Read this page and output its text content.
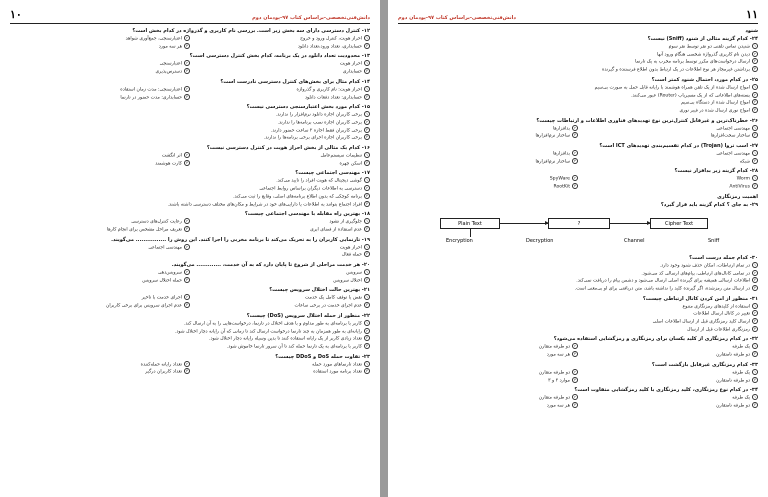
دانش‌فنی‌تخصصی-براساس کتاب ۹۷-پودمان دوم
۱۰
۱۲- کنترل دسترسی دارای سه بخش زیر است. بررسی نام کاربری و گذرواژه در کدام بخش است؟
۱احراز هویت، کنترل ورود و خروج
۲اعتبارسنجی، جمع‌آوری شواهد
۳حسابداری، تعداد ورود،تعداد دانلود
۴هر سه مورد
۱۳- محدودیت تعداد دانلود در یک برنامه، کدام بخش کنترل دسترسی است؟
۱احراز هویت
۲اعتبارسنجی
۳حسابداری
۴دسترس‌پذیری
۱۴- کدام مثال برای بخش‌های کنترل دسترسی نادرست است؟
۱احراز هویت: نام کاربری و گذرواژه
۲اعتبارسنجی: مدت زمان استفاده
۳حسابداری: تعداد دفعات دانلود
۴حسابداری: مدت حضور در تارنما
۱۵- کدام مورد بخش اعتبارسنجی دسترسی نیست؟
۱برخی کاربران اجازه دانلود نرم‌افزار را ندارند.
۲برخی کاربران اجازه نصب برنامه‌ها را ندارند.
۳برخی کاربران فقط اجازه ۲ ساعت حضور دارند.
۴برخی کاربران اجازه اجرای برخی برنامه‌ها را ندارند.
۱۶- کدام یک مثالی از بخش احراز هویت در کنترل دسترسی نیست؟
۱تنظیمات سیستم‌عامل
۲اثر انگشت
۳اسکن چهره
۴کارت هوشمند
۱۷- مهندسی اجتماعی چیست؟
۱گوشی دیجیتال که هویت افراد را تایید می‌کند.
۲دسترسی به اطلاعات دیگران براساس روابط اجتماعی
۳برنامه کوچکی که بدون اطلاع برنامه‌های اصلی، وقایع را ثبت می‌کند.
۴افراد اجتماع بتوانند به اطلاعات یا دارایی‌های خود در شرایط و مکان‌های مختلف دسترسی داشته باشند.
۱۸- بهترین راه مقابله با مهندسی اجتماعی چیست؟
۱جلوگیری از نشود
۲رعایت کنترل‌های دسترسی
۳عدم استفاده از فضای ابری
۴تعریف مراحل مشخص برای انجام کارها
۱۹- تارنمایی کاربران را به تحریک می‌کند تا برنامه مخربی را اجرا کنند. این روش را ................ می‌گویند.
۱احراز هویت
۲مهندسی اجتماعی
۳حمله فعال
۲۰- هر خدمت مراحلی از شروع تا پایان دارد که به آن خدمت، ............. می‌گویند.
۱سرویس
۲سرویس‌دهی
۳اختلال سرویس
۴حمله اختلال سرویس
۲۱- بهترین حالت اختلال سرویس چیست؟
۱نقض یا توقف کامل یک خدمت
۲اجرای خدمت با تاخیر
۳عدم اجرای خدمت در برخی ساعات
۴عدم اجرای سرویس برای برخی کاربران
۲۲- منظور از حمله اختلال سرویس (DoS) چیست؟
۱کاربر با برنامه‌ای به طور مداوم و با هدف اختلال در تارنما، درخواست‌هایی را به آن ارسال کند.
۲رایانه‌ای به طور همزمان به چند تارنما درخواست ارسال کند تا زمانی که آن رایانه دچار اختلال شود.
۳تعداد زیادی کاربر از یک رایانه استفاده کنند تا بدین وسیله رایانه دچار اختلال شود.
۴کاربر با برنامه‌ای به یک تارنما حمله کند تا آن سرور تارنما خاموش شود.
۲۳- تفاوت حمله DoS و DDoS چیست؟
۱تعداد تارنماهای مورد حمله
۲تعداد رایانه حمله‌کننده
۳تعداد برنامه مورد استفاده
۴تعداد کاربران درگیر
۱۱
دانش‌فنی‌تخصصی-براساس کتاب ۹۷-پودمان دوم
شنود
۲۴- کدام گزینه مثالی از شنود (Sniff) نیست؟
۱شنیدن تماس تلفنی دو نفر توسط نفر سوم
۲دیدن نام کاربری گذرواژه شخصی هنگام ورود آنها
۳ارسال درخواست‌های مکرر توسط برنامه مخرب به یک تارنما
۴برداشتن غیرمجاز هر نوع اطلاعات در یک ارتباط بدون اطلاع فرستنده و گیرنده
۲۵- در کدام مورد، احتمال شنود کمتر است؟
۱امواج ارسال شده از یک تلفن همراه هوشمند با رایانه قابل حمل به صورت بی‌سیم
۲بسته‌های اطلاعاتی که از یک مسیریاب (Router) عبور می‌کنند.
۳امواج ارسال شده از دستگاه بی‌سیم
۴امواج نوری ارسال شده در فیبر نوری
۲۶- خطرناک‌ترین و غیرقابل کنترل‌ترین نوع تهدیدهای فناوری اطلاعات و ارتباطات چیست؟
۱مهندسی اجتماعی
۲بدافزارها
۳ساختار سخت‌افزارها
۴ساختار نرم‌افزارها
۲۷- اسب تروا (Trojan) در کدام تقسیم‌بندی تهدیدهای ICT است؟
۱مهندسی اجتماعی
۲بدافزارها
۳شبکه
۴ساختار نرم‌افزارها
۲۸- کدام گزینه زیر بدافزار نیست؟
۱Worm
۲SpyWare
۳AntiVirus
۴RootKit
اهمیت رمزنگاری
۲۹- به جای ؟ کدام گزینه باید قرار گیرد؟
Plain Text	?	Cipher Text
Encryption	Decryption	Channel	Sniff
۳۰- کدام جمله درست است؟
۱در تمام ارتباطات، امکان حذف شنود وجود دارد.
۲در تمامی کانال‌های ارتباطی، پیام‌های ارسالی کد می‌شود.
۳اطلاعات ارسالی همیشه برای گیرنده اصلی ارسال می‌شود و دشمن پیام را دریافت نمی‌کند.
۴در ارسال متن رمزشده، اگر گیرنده کلید را نداشته باشد، متن دریافتی برای او بی‌معنی است.
۳۱- منظور از امن کردن کانال ارتباطی چیست؟
۱استفاده از کلیدهای رمزنگاری متنوع
۲تغییر در کانال ارسال اطلاعات
۳ارسال کلید رمزنگاری قبل از ارسال اطلاعات اصلی
۴رمزنگاری اطلاعات قبل از ارسال
۳۲- در کدام رمزنگاری از کلید یکسان برای رمزنگاری و رمزگشایی استفاده می‌شود؟
۱یک طرفه
۲دو طرفه متقارن
۳دو طرفه نامتقارن
۴هر سه مورد
۳۳- کدام رمزنگاری غیرقابل بازگشت است؟
۱یک طرفه
۲دو طرفه متقارن
۳دو طرفه نامتقارن
۴موارد ۲ و ۳
۳۴- در کدام نوع رمزنگاری، کلید رمزنگاری با کلید رمزگشایی متفاوت است؟
۱یک طرفه
۲دو طرفه متقارن
۳دو طرفه نامتقارن
۴هر سه مورد
